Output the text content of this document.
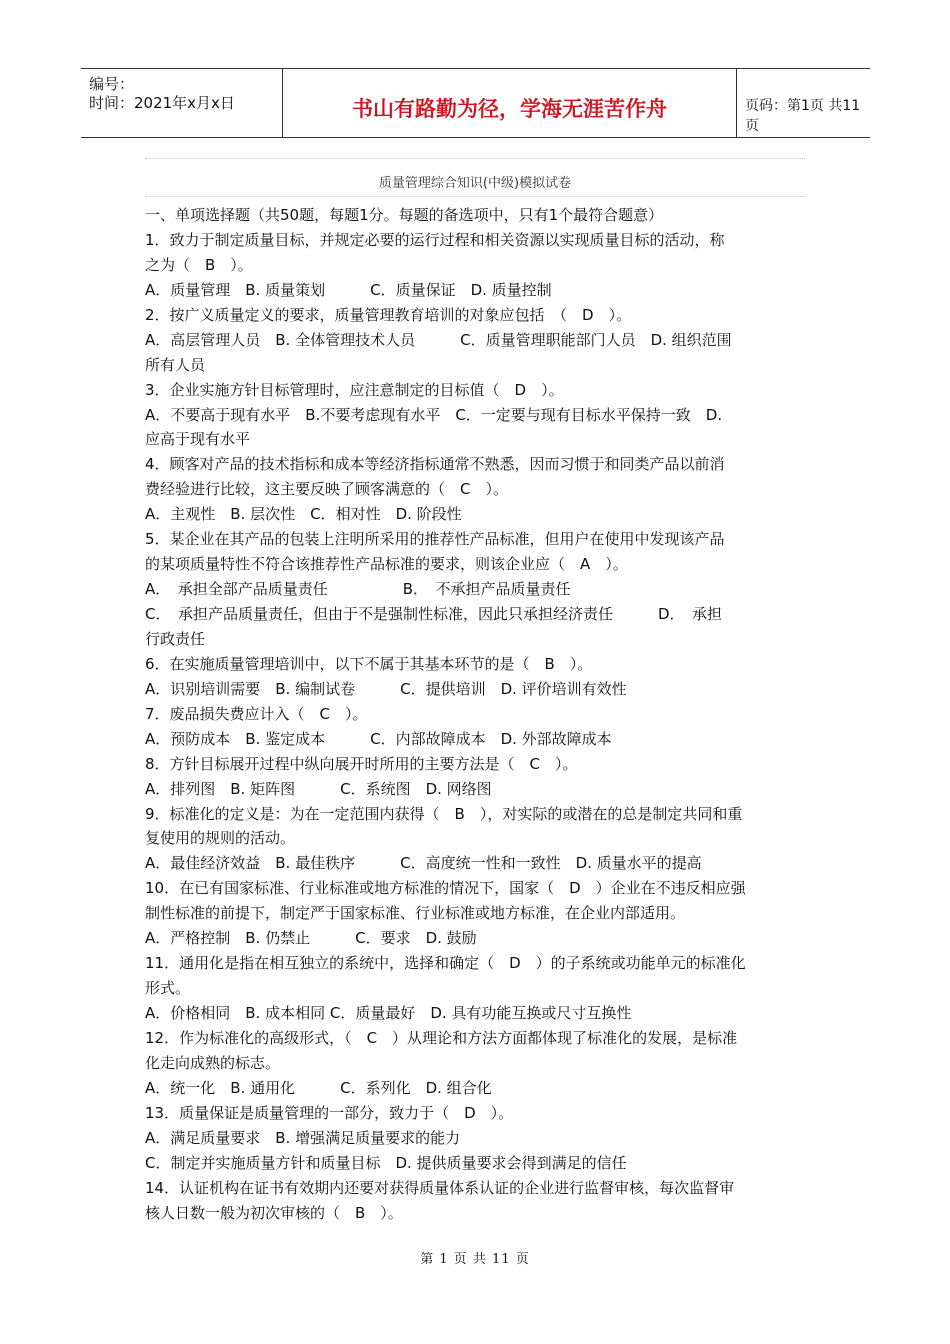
编号：
时间：2021年x月x日	书山有路勤为径，学海无涯苦作舟	页码：第1页 共11页
质量管理综合知识(中级)模拟试卷
一、单项选择题（共50题，每题1分。每题的备选项中，只有1个最符合题意）
1．致力于制定质量目标，并规定必要的运行过程和相关资源以实现质量目标的活动，称
之为（　B　）。
A．质量管理　B. 质量策划　　　C．质量保证　D. 质量控制
2．按广义质量定义的要求，质量管理教育培训的对象应包括　（　D　）。
A．高层管理人员　B. 全体管理技术人员　　　C．质量管理职能部门人员　D. 组织范围
所有人员
3．企业实施方针目标管理时，应注意制定的目标值（　D　）。
A．不要高于现有水平　B.不要考虑现有水平　C．一定要与现有目标水平保持一致　D.
应高于现有水平
4．顾客对产品的技术指标和成本等经济指标通常不熟悉，因而习惯于和同类产品以前消
费经验进行比较，这主要反映了顾客满意的（　C　）。
A．主观性　B. 层次性　C．相对性　D. 阶段性
5．某企业在其产品的包装上注明所采用的推荐性产品标准，但用户在使用中发现该产品
的某项质量特性不符合该推荐性产品标准的要求，则该企业应（　A　）。
A．　承担全部产品质量责任　　　　　B．　不承担产品质量责任
C．　承担产品质量责任，但由于不是强制性标准，因此只承担经济责任　　　D．　承担
行政责任
6．在实施质量管理培训中，以下不属于其基本环节的是（　B　）。
A．识别培训需要　B. 编制试卷　　　C．提供培训　D. 评价培训有效性
7．废品损失费应计入（　C　）。
A．预防成本　B. 鉴定成本　　　C．内部故障成本　D. 外部故障成本
8．方针目标展开过程中纵向展开时所用的主要方法是（　C　）。
A．排列图　B. 矩阵图　　　C．系统图　D. 网络图
9．标准化的定义是：为在一定范围内获得（　B　），对实际的或潜在的总是制定共同和重
复使用的规则的活动。
A．最佳经济效益　B. 最佳秩序　　　C．高度统一性和一致性　D. 质量水平的提高
10．在已有国家标准、行业标准或地方标准的情况下，国家（　D　）企业在不违反相应强
制性标准的前提下，制定严于国家标准、行业标准或地方标准，在企业内部适用。
A．严格控制　B. 仍禁止　　　C．要求　D. 鼓励
11．通用化是指在相互独立的系统中，选择和确定（　D　）的子系统或功能单元的标准化
形式。
A．价格相同　B. 成本相同 C．质量最好　D. 具有功能互换或尺寸互换性
12．作为标准化的高级形式，（　C　）从理论和方法方面都体现了标准化的发展，是标准
化走向成熟的标志。
A．统一化　B. 通用化　　　C．系列化　D. 组合化
13．质量保证是质量管理的一部分，致力于（　D　）。
A．满足质量要求　B. 增强满足质量要求的能力
C．制定并实施质量方针和质量目标　D. 提供质量要求会得到满足的信任
14．认证机构在证书有效期内还要对获得质量体系认证的企业进行监督审核，每次监督审
核人日数一般为初次审核的（　B　）。
第 1 页 共 11 页
